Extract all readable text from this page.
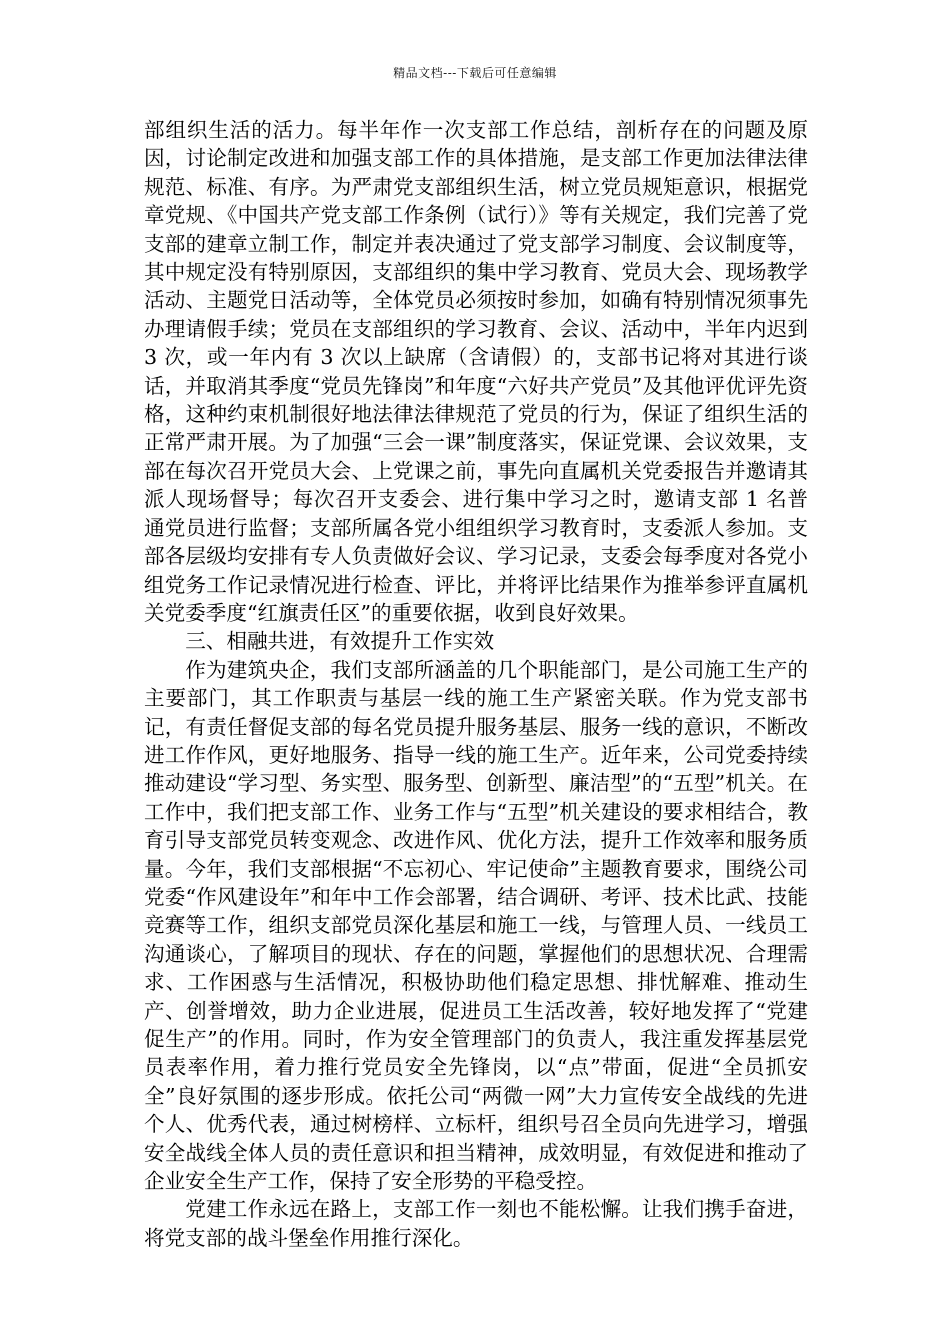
精品文档---下载后可任意编辑

部组织生活的活力。每半年作一次支部工作总结，剖析存在的问题及原因，讨论制定改进和加强支部工作的具体措施，是支部工作更加法律法律规范、标准、有序。为严肃党支部组织生活，树立党员规矩意识，根据党章党规、《中国共产党支部工作条例（试行）》等有关规定，我们完善了党支部的建章立制工作，制定并表决通过了党支部学习制度、会议制度等，其中规定没有特别原因，支部组织的集中学习教育、党员大会、现场教学活动、主题党日活动等，全体党员必须按时参加，如确有特别情况须事先办理请假手续；党员在支部组织的学习教育、会议、活动中，半年内迟到 3 次，或一年内有 3 次以上缺席（含请假）的，支部书记将对其进行谈话，并取消其季度“党员先锋岗”和年度“六好共产党员”及其他评优评先资格，这种约束机制很好地法律法律规范了党员的行为，保证了组织生活的正常严肃开展。为了加强“三会一课”制度落实，保证党课、会议效果，支部在每次召开党员大会、上党课之前，事先向直属机关党委报告并邀请其派人现场督导；每次召开支委会、进行集中学习之时，邀请支部 1 名普通党员进行监督；支部所属各党小组组织学习教育时，支委派人参加。支部各层级均安排有专人负责做好会议、学习记录，支委会每季度对各党小组党务工作记录情况进行检查、评比，并将评比结果作为推举参评直属机关党委季度“红旗责任区”的重要依据，收到良好效果。

三、相融共进，有效提升工作实效

作为建筑央企，我们支部所涵盖的几个职能部门，是公司施工生产的主要部门，其工作职责与基层一线的施工生产紧密关联。作为党支部书记，有责任督促支部的每名党员提升服务基层、服务一线的意识，不断改进工作作风，更好地服务、指导一线的施工生产。近年来，公司党委持续推动建设“学习型、务实型、服务型、创新型、廉洁型”的“五型”机关。在工作中，我们把支部工作、业务工作与“五型”机关建设的要求相结合，教育引导支部党员转变观念、改进作风、优化方法，提升工作效率和服务质量。今年，我们支部根据“不忘初心、牢记使命”主题教育要求，围绕公司党委“作风建设年”和年中工作会部署，结合调研、考评、技术比武、技能竞赛等工作，组织支部党员深化基层和施工一线，与管理人员、一线员工沟通谈心，了解项目的现状、存在的问题，掌握他们的思想状况、合理需求、工作困惑与生活情况，积极协助他们稳定思想、排忧解难、推动生产、创誉增效，助力企业进展，促进员工生活改善，较好地发挥了“党建促生产”的作用。同时，作为安全管理部门的负责人，我注重发挥基层党员表率作用，着力推行党员安全先锋岗，以“点”带面，促进“全员抓安全”良好氛围的逐步形成。依托公司“两微一网”大力宣传安全战线的先进个人、优秀代表，通过树榜样、立标杆，组织号召全员向先进学习，增强安全战线全体人员的责任意识和担当精神，成效明显，有效促进和推动了企业安全生产工作，保持了安全形势的平稳受控。

党建工作永远在路上，支部工作一刻也不能松懈。让我们携手奋进，将党支部的战斗堡垒作用推行深化。
